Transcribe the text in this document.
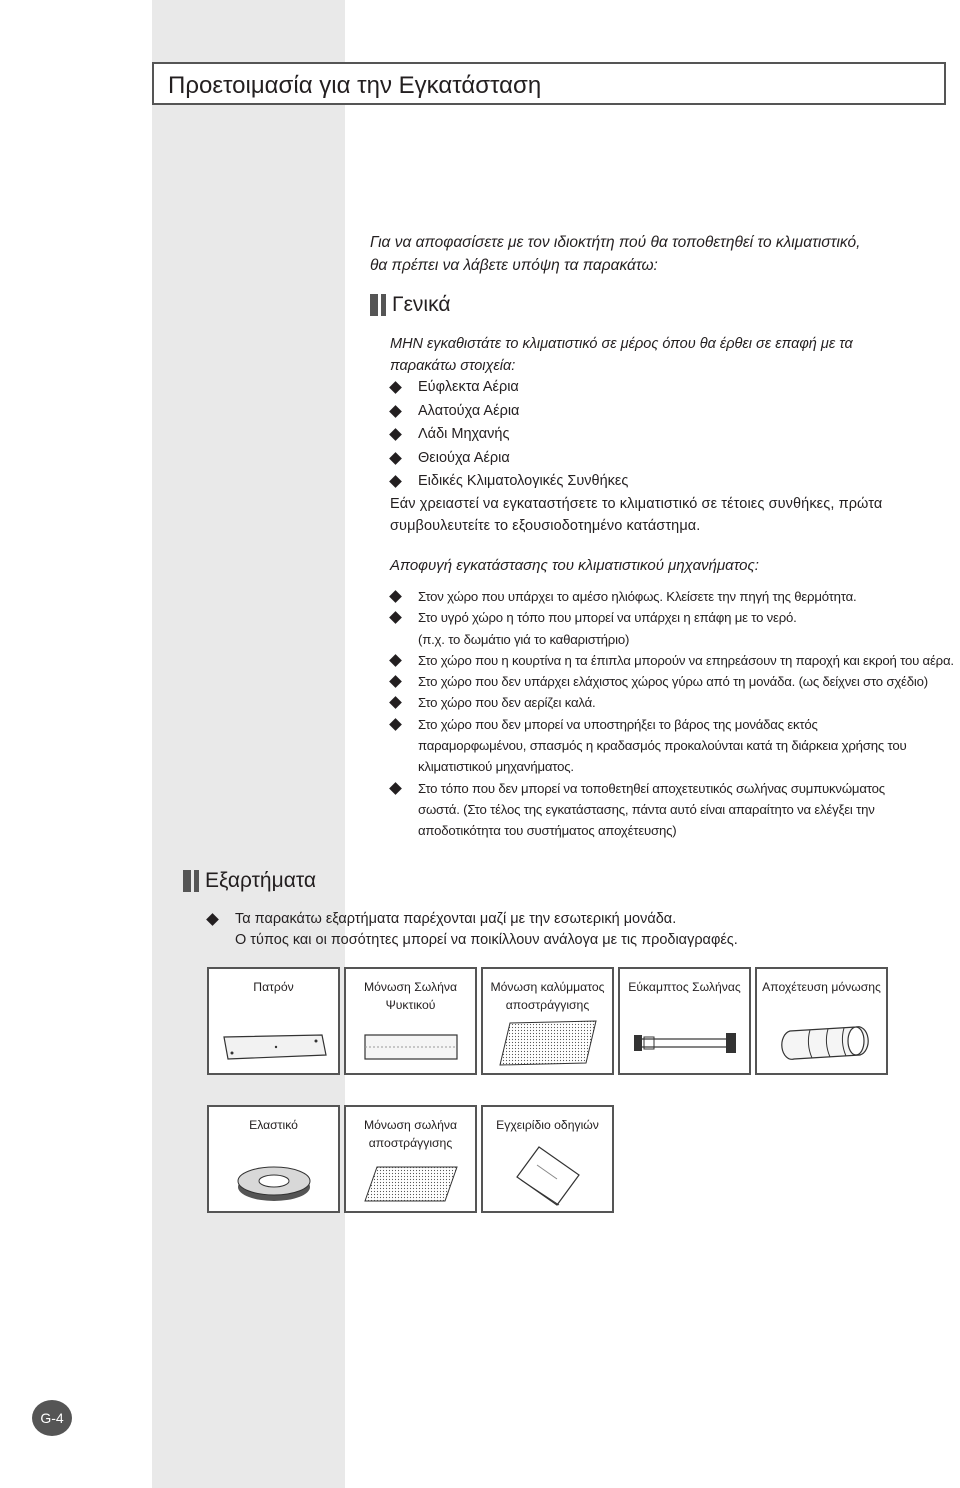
Προετοιμασία για την Εγκατάσταση
Για να αποφασίσετε με τον ιδιοκτήτη πού θα τοποθετηθεί το κλιματιστικό,
θα πρέπει να λάβετε υπόψη τα παρακάτω:
Γενικά
ΜΗΝ εγκαθιστάτε το κλιματιστικό σε μέρος όπου θα έρθει σε επαφή με τα
παρακάτω στοιχεία:
Εύφλεκτα Αέρια
Αλατούχα Αέρια
Λάδι Μηχανής
Θειούχα Αέρια
Ειδικές Κλιματολογικές Συνθήκες
Εάν χρειαστεί να εγκαταστήσετε το κλιματιστικό σε τέτοιες συνθήκες, πρώτα
συμβουλευτείτε το εξουσιοδοτημένο κατάστημα.
Αποφυγή εγκατάστασης του κλιματιστικού μηχανήματος:
Στον χώρο που υπάρχει το αμέσο ηλιόφως. Κλείσετε την πηγή της θερμότητα.
Στο υγρό χώρο η τόπο που μπορεί να υπάρχει η επάφη με το νερό.
(π.χ. το δωμάτιο γιά το καθαριστήριο)
Στο χώρο που η κουρτίνα η τα έπιπλα μπορούν να επηρεάσουν τη παροχή και εκροή του αέρα.
Στο χώρο που δεν υπάρχει ελάχιστος χώρος γύρω από τη μονάδα. (ως δείχνει στο σχέδιο)
Στο χώρο που δεν αερίζει καλά.
Στο χώρο που δεν μπορεί να υποστηρήξει το βάρος της μονάδας εκτός
παραμορφωμένου, σπασμός η κραδασμός προκαλούνται κατά τη διάρκεια χρήσης του
κλιματιστικού μηχανήματος.
Στο τόπο που δεν μπορεί να τοποθετηθεί αποχετευτικός σωλήνας συμπυκνώματος
σωστά. (Στο τέλος της εγκατάστασης, πάντα αυτό είναι απαραίτητο να ελέγξει την
αποδοτικότητα του συστήματος αποχέτευσης)
Εξαρτήματα
Τα παρακάτω εξαρτήματα παρέχονται μαζί με την εσωτερική μονάδα.
Ο τύπος και οι ποσότητες μπορεί να ποικίλλουν ανάλογα με τις προδιαγραφές.
Πατρόν	Μόνωση Σωλήνα Ψυκτικού
Μόνωση καλύμματος αποστράγγισης
Εύκαμπτος Σωλήνας	Αποχέτευση μόνωσης
Ελαστικό	Μόνωση σωλήνα αποστράγγισης
Εγχειρίδιο οδηγιών
G-4
